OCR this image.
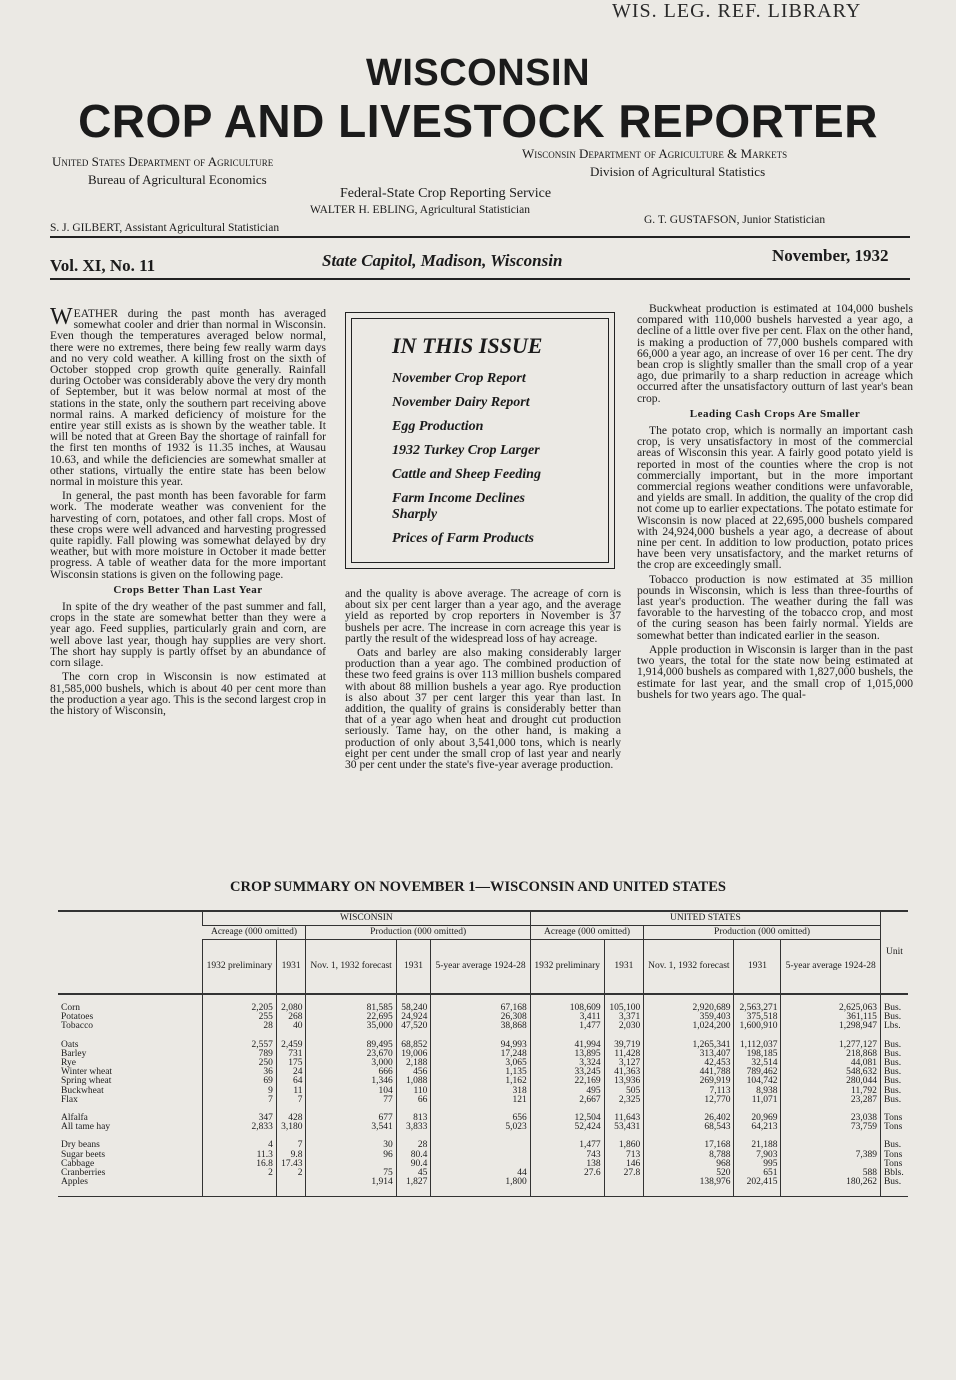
WIS. LEG. REF. LIBRARY
WISCONSIN
CROP AND LIVESTOCK REPORTER
United States Department of Agriculture
Bureau of Agricultural Economics
Wisconsin Department of Agriculture & Markets
Division of Agricultural Statistics
Federal-State Crop Reporting Service
WALTER H. EBLING, Agricultural Statistician
S. J. GILBERT, Assistant Agricultural Statistician
G. T. GUSTAFSON, Junior Statistician
Vol. XI, No. 11	State Capitol, Madison, Wisconsin	November, 1932

WEATHER during the past month has averaged somewhat cooler and drier than normal in Wisconsin. Even though the temperatures averaged below normal, there were no extremes, there being few really warm days and no very cold weather. A killing frost on the sixth of October stopped crop growth quite generally. Rainfall during October was considerably above the very dry month of September, but it was below normal at most of the stations in the state, only the southern part receiving above normal rains. A marked deficiency of moisture for the entire year still exists as is shown by the weather table. It will be noted that at Green Bay the shortage of rainfall for the first ten months of 1932 is 11.35 inches, at Wausau 10.63, and while the deficiencies are somewhat smaller at other stations, virtually the entire state has been below normal in moisture this year.

In general, the past month has been favorable for farm work. The moderate weather was convenient for the harvesting of corn, potatoes, and other fall crops. Most of these crops were well advanced and harvesting progressed quite rapidly. Fall plowing was somewhat delayed by dry weather, but with more moisture in October it made better progress. A table of weather data for the more important Wisconsin stations is given on the following page.

Crops Better Than Last Year

In spite of the dry weather of the past summer and fall, crops in the state are somewhat better than they were a year ago. Feed supplies, particularly grain and corn, are well above last year, though hay supplies are very short. The short hay supply is partly offset by an abundance of corn silage.

The corn crop in Wisconsin is now estimated at 81,585,000 bushels, which is about 40 per cent more than the production a year ago. This is the second largest crop in the history of Wisconsin,

IN THIS ISSUE
November Crop Report
November Dairy Report
Egg Production
1932 Turkey Crop Larger
Cattle and Sheep Feeding
Farm Income Declines Sharply
Prices of Farm Products

and the quality is above average. The acreage of corn is about six per cent larger than a year ago, and the average yield as reported by crop reporters in November is 37 bushels per acre. The increase in corn acreage this year is partly the result of the widespread loss of hay acreage.

Oats and barley are also making considerably larger production than a year ago. The combined production of these two feed grains is over 113 million bushels compared with about 88 million bushels a year ago. Rye production is also about 37 per cent larger this year than last. In addition, the quality of grains is considerably better than that of a year ago when heat and drought cut production seriously. Tame hay, on the other hand, is making a production of only about 3,541,000 tons, which is nearly eight per cent under the small crop of last year and nearly 30 per cent under the state's five-year average production.

Buckwheat production is estimated at 104,000 bushels compared with 110,000 bushels harvested a year ago, a decline of a little over five per cent. Flax on the other hand, is making a production of 77,000 bushels compared with 66,000 a year ago, an increase of over 16 per cent. The dry bean crop is slightly smaller than the small crop of a year ago, due primarily to a sharp reduction in acreage which occurred after the unsatisfactory outturn of last year's bean crop.

Leading Cash Crops Are Smaller

The potato crop, which is normally an important cash crop, is very unsatisfactory in most of the commercial areas of Wisconsin this year. A fairly good potato yield is reported in most of the counties where the crop is not commercially important, but in the more important commercial regions weather conditions were unfavorable, and yields are small. In addition, the quality of the crop did not come up to earlier expectations. The potato estimate for Wisconsin is now placed at 22,695,000 bushels compared with 24,924,000 bushels a year ago, a decrease of about nine per cent. In addition to low production, potato prices have been very unsatisfactory, and the market returns of the crop are exceedingly small.

Tobacco production is now estimated at 35 million pounds in Wisconsin, which is less than three-fourths of last year's production. The weather during the fall was favorable to the harvesting of the tobacco crop, and most of the curing season has been fairly normal. Yields are somewhat better than indicated earlier in the season.

Apple production in Wisconsin is larger than in the past two years, the total for the state now being estimated at 1,914,000 bushels as compared with 1,827,000 bushels, the estimate for last year, and the small crop of 1,015,000 bushels for two years ago. The qual-

CROP SUMMARY ON NOVEMBER 1—WISCONSIN AND UNITED STATES
	WISCONSIN					UNITED STATES					Unit
	Acreage (000 omitted)		Production (000 omitted)			Acreage (000 omitted)		Production (000 omitted)			
	1932 preliminary	1931	Nov. 1, 1932 forecast	1931	5-year average 1924-28	1932 preliminary	1931	Nov. 1, 1932 forecast	1931	5-year average 1924-28	

Corn	2,205	2,080	81,585	58,240	67,168	108,609	105,100	2,920,689	2,563,271	2,625,063	Bus.
Potatoes	255	268	22,695	24,924	26,308	3,411	3,371	359,403	375,518	361,115	Bus.
Tobacco	28	40	35,000	47,520	38,868	1,477	2,030	1,024,200	1,600,910	1,298,947	Lbs.

Oats	2,557	2,459	89,495	68,852	94,993	41,994	39,719	1,265,341	1,112,037	1,277,127	Bus.
Barley	789	731	23,670	19,006	17,248	13,895	11,428	313,407	198,185	218,868	Bus.
Rye	250	175	3,000	2,188	3,065	3,324	3,127	42,453	32,514	44,081	Bus.
Winter wheat	36	24	666	456	1,135	33,245	41,363	441,788	789,462	548,632	Bus.
Spring wheat	69	64	1,346	1,088	1,162	22,169	13,936	269,919	104,742	280,044	Bus.
Buckwheat	9	11	104	110	318	495	505	7,113	8,938	11,792	Bus.
Flax	7	7	77	66	121	2,667	2,325	12,770	11,071	23,287	Bus.

Alfalfa	347	428	677	813	656	12,504	11,643	26,402	20,969	23,038	Tons
All tame hay	2,833	3,180	3,541	3,833	5,023	52,424	53,431	68,543	64,213	73,759	Tons

Dry beans	4	7	30	28		1,477	1,860	17,168	21,188		Bus.
Sugar beets	11.3	9.8	96	80.4		743	713	8,788	7,903	7,389	Tons
Cabbage	16.8	17.43		90.4		138	146	968	995		Tons
Cranberries	2	2	75	45	44	27.6	27.8	520	651	588	Bbls.
Apples			1,914	1,827	1,800			138,976	202,415	180,262	Bus.
